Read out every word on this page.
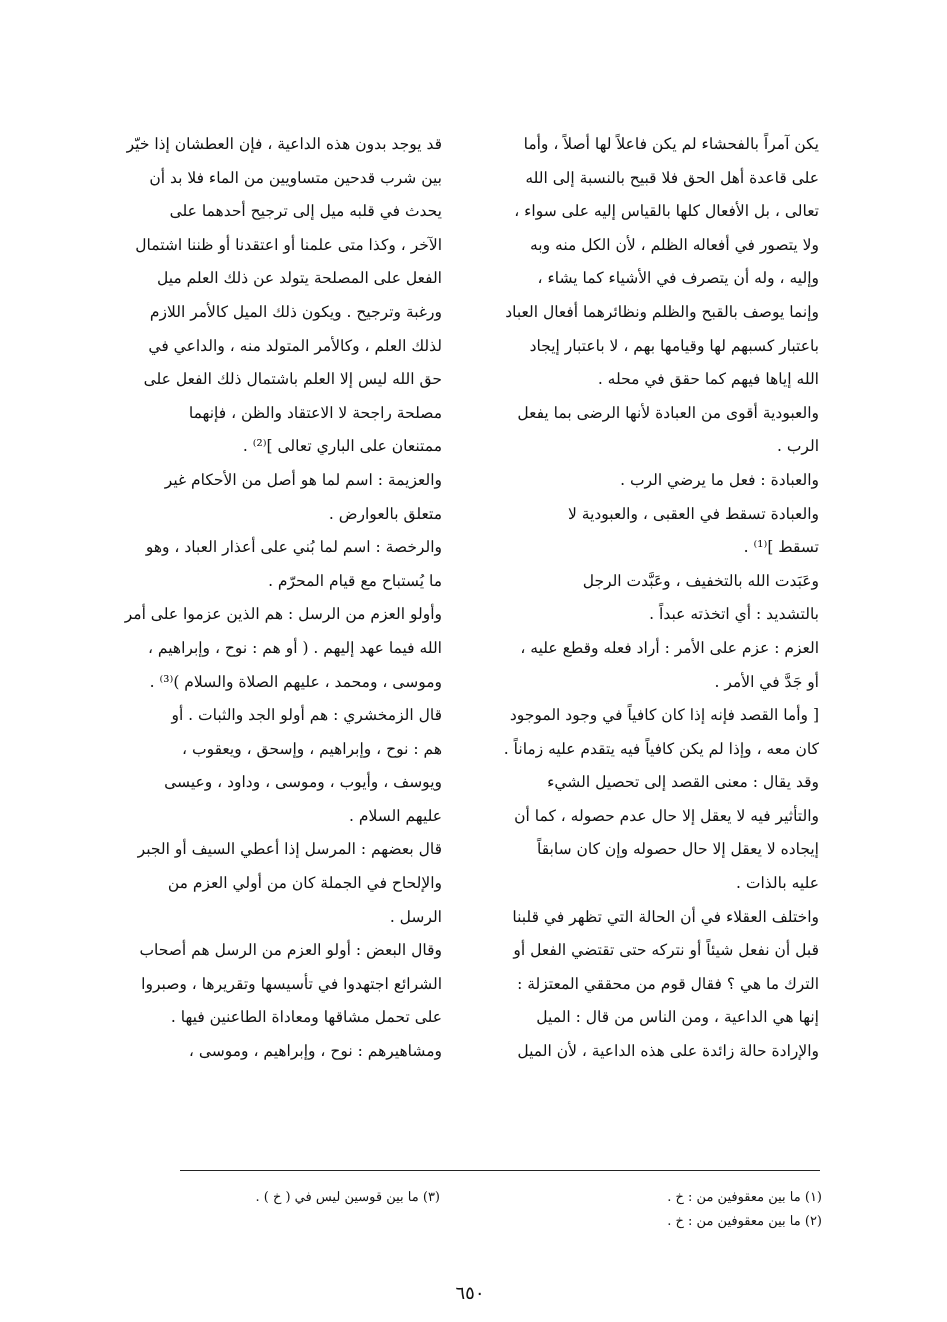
يكن آمراً بالفحشاء لم يكن فاعلاً لها أصلاً ، وأما
على قاعدة أهل الحق فلا قبيح بالنسبة إلى الله
تعالى ، بل الأفعال كلها بالقياس إليه على سواء ،
ولا يتصور في أفعاله الظلم ، لأن الكل منه وبه
وإليه ، وله أن يتصرف في الأشياء كما يشاء ،
وإنما يوصف بالقبح والظلم ونظائرهما أفعال العباد
باعتبار كسبهم لها وقيامها بهم ، لا باعتبار إيجاد
الله إياها فيهم كما حقق في محله .
والعبودية أقوى من العبادة لأنها الرضى بما يفعل
الرب .
والعبادة : فعل ما يرضي الرب .
والعبادة تسقط في العقبى ، والعبودية لا
تسقط ]⁽¹⁾ .
وعَبَدت الله بالتخفيف ، وعَبَّدت الرجل
بالتشديد : أي اتخذته عبداً .
العزم : عزم على الأمر : أراد فعله وقطع عليه ،
أو جَدَّ في الأمر .
[ وأما القصد فإنه إذا كان كافياً في وجود الموجود
كان معه ، وإذا لم يكن كافياً فيه يتقدم عليه زماناً .
وقد يقال : معنى القصد إلى تحصيل الشيء
والتأثير فيه لا يعقل إلا حال عدم حصوله ، كما أن
إيجاده لا يعقل إلا حال حصوله وإن كان سابقاً
عليه بالذات .
واختلف العقلاء في أن الحالة التي تظهر في قلبنا
قبل أن نفعل شيئاً أو نتركه حتى تقتضي الفعل أو
الترك ما هي ؟ فقال قوم من محققي المعتزلة :
إنها هي الداعية ، ومن الناس من قال : الميل
والإرادة حالة زائدة على هذه الداعية ، لأن الميل
قد يوجد بدون هذه الداعية ، فإن العطشان إذا خيّر
بين شرب قدحين متساويين من الماء فلا بد أن
يحدث في قلبه ميل إلى ترجيح أحدهما على
الآخر ، وكذا متى علمنا أو اعتقدنا أو ظننا اشتمال
الفعل على المصلحة يتولد عن ذلك العلم ميل
ورغبة وترجيح . ويكون ذلك الميل كالأمر اللازم
لذلك العلم ، وكالأمر المتولد منه ، والداعي في
حق الله ليس إلا العلم باشتمال ذلك الفعل على
مصلحة راجحة لا الاعتقاد والظن ، فإنهما
ممتنعان على الباري تعالى ]⁽²⁾ .
والعزيمة : اسم لما هو أصل من الأحكام غير
متعلق بالعوارض .
والرخصة : اسم لما بُني على أعذار العباد ، وهو
ما يُستباح مع قيام المحرّم .
وأولو العزم من الرسل : هم الذين عزموا على أمر
الله فيما عهد إليهم . ( أو هم : نوح ، وإبراهيم ،
وموسى ، ومحمد ، عليهم الصلاة والسلام )⁽³⁾ .
قال الزمخشري : هم أولو الجد والثبات . أو
هم : نوح ، وإبراهيم ، وإسحق ، ويعقوب ،
ويوسف ، وأيوب ، وموسى ، وداود ، وعيسى
عليهم السلام .
قال بعضهم : المرسل إذا أعطي السيف أو الجبر
والإلحاح في الجملة كان من أولي العزم من
الرسل .
وقال البعض : أولو العزم من الرسل هم أصحاب
الشرائع اجتهدوا في تأسيسها وتقريرها ، وصبروا
على تحمل مشاقها ومعاداة الطاعنين فيها .
ومشاهيرهم : نوح ، وإبراهيم ، وموسى ،
(١) ما بين معقوفين من : خ .
(٢) ما بين معقوفين من : خ .
(٣) ما بين قوسين ليس في ( خ ) .
٦٥٠
